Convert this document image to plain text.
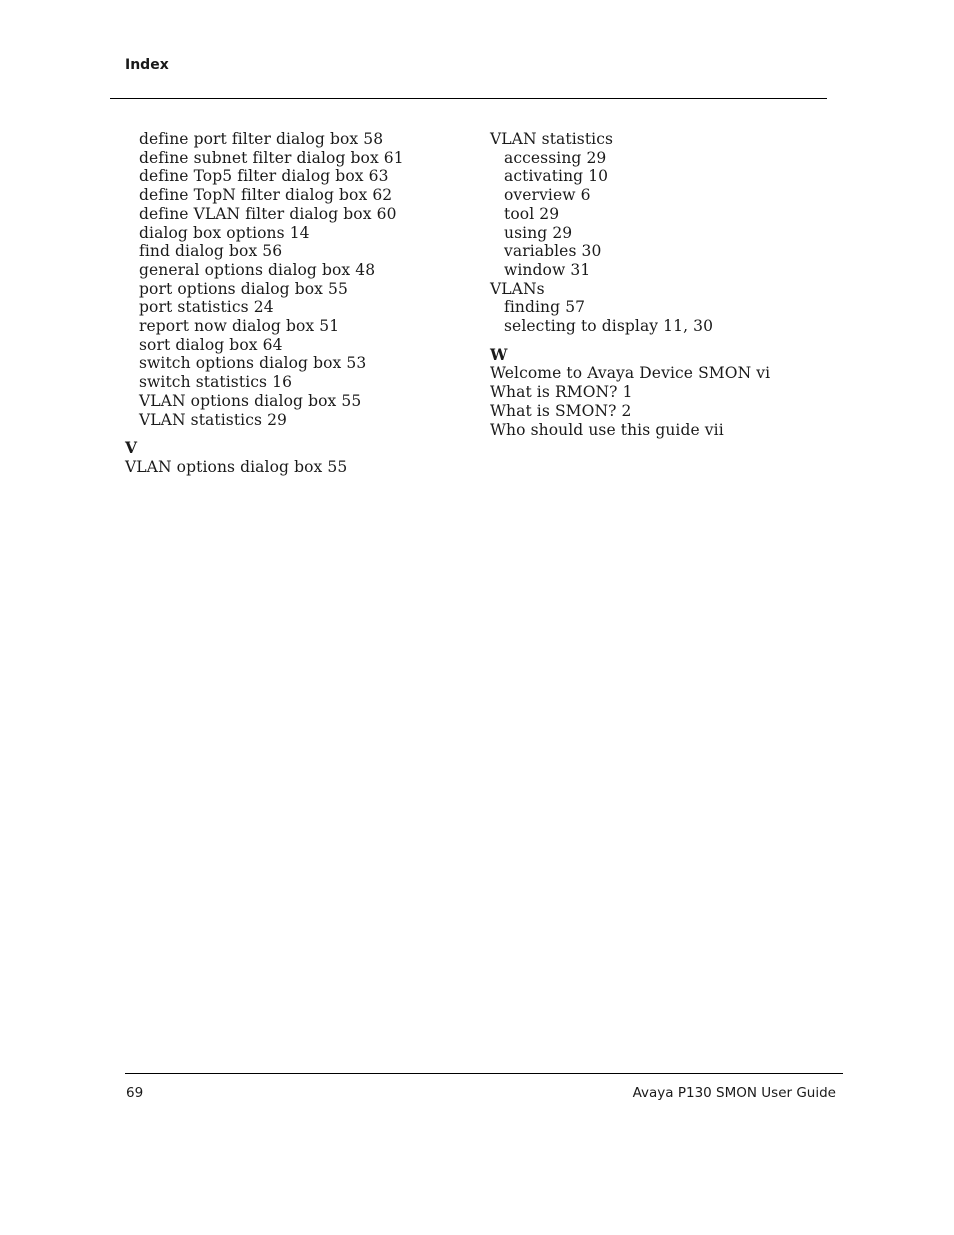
Index
define port filter dialog box 58
define subnet filter dialog box 61
define Top5 filter dialog box 63
define TopN filter dialog box 62
define VLAN filter dialog box 60
dialog box options 14
find dialog box 56
general options dialog box 48
port options dialog box 55
port statistics 24
report now dialog box 51
sort dialog box 64
switch options dialog box 53
switch statistics 16
VLAN options dialog box 55
VLAN statistics 29
V
VLAN options dialog box 55
VLAN statistics
accessing 29
activating 10
overview 6
tool 29
using 29
variables 30
window 31
VLANs
finding 57
selecting to display 11, 30
W
Welcome to Avaya Device SMON vi
What is RMON? 1
What is SMON? 2
Who should use this guide vii
69	Avaya P130 SMON User Guide
